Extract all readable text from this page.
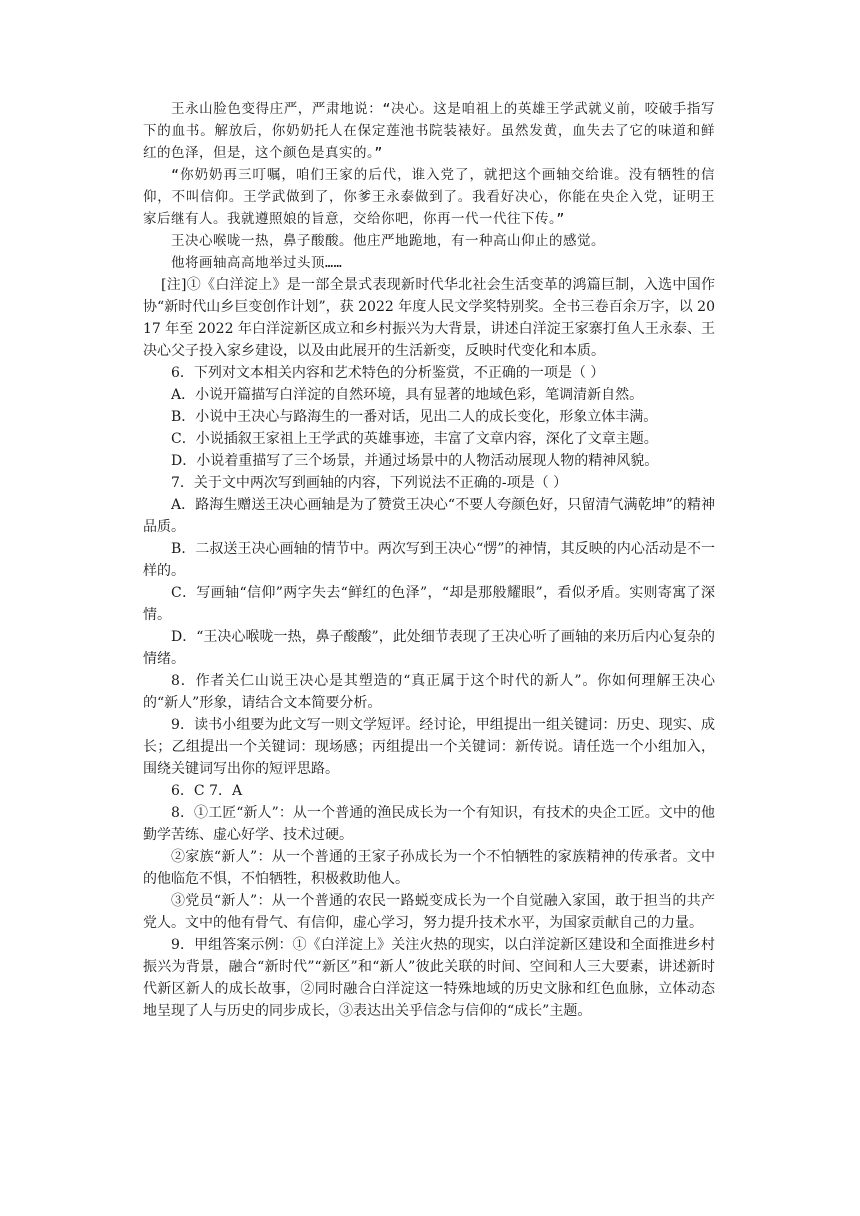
王永山脸色变得庄严，严肃地说：“决心。这是咱祖上的英雄王学武就义前，咬破手指写下的血书。解放后，你奶奶托人在保定莲池书院装裱好。虽然发黄，血失去了它的味道和鲜红的色泽，但是，这个颜色是真实的。”

“你奶奶再三叮嘱，咱们王家的后代，谁入党了，就把这个画轴交给谁。没有牺牲的信仰，不叫信仰。王学武做到了，你爹王永泰做到了。我看好决心，你能在央企入党，证明王家后继有人。我就遵照娘的旨意，交给你吧，你再一代一代往下传。”

王决心喉咙一热，鼻子酸酸。他庄严地跪地，有一种高山仰止的感觉。

他将画轴高高地举过头顶……

[注]①《白洋淀上》是一部全景式表现新时代华北社会生活变革的鸿篇巨制，入选中国作协“新时代山乡巨变创作计划”，获 2022 年度人民文学奖特别奖。全书三卷百余万字，以 2017 年至 2022 年白洋淀新区成立和乡村振兴为大背景，讲述白洋淀王家寨打鱼人王永泰、王决心父子投入家乡建设，以及由此展开的生活新变，反映时代变化和本质。

6．下列对文本相关内容和艺术特色的分析鉴赏，不正确的一项是（ ）

A．小说开篇描写白洋淀的自然环境，具有显著的地域色彩，笔调清新自然。

B．小说中王决心与路海生的一番对话，见出二人的成长变化，形象立体丰满。

C．小说插叙王家祖上王学武的英雄事迹，丰富了文章内容，深化了文章主题。

D．小说着重描写了三个场景，并通过场景中的人物活动展现人物的精神风貌。

7．关于文中两次写到画轴的内容，下列说法不正确的-项是（ ）

A．路海生赠送王决心画轴是为了赞赏王决心“不要人夸颜色好，只留清气满乾坤”的精神品质。

B．二叔送王决心画轴的情节中。两次写到王决心“愣”的神情，其反映的内心活动是不一样的。

C．写画轴“信仰”两字失去“鲜红的色泽”，“却是那般耀眼”，看似矛盾。实则寄寓了深情。

D．“王决心喉咙一热，鼻子酸酸”，此处细节表现了王决心听了画轴的来历后内心复杂的情绪。

8．作者关仁山说王决心是其塑造的“真正属于这个时代的新人”。你如何理解王决心的“新人”形象，请结合文本简要分析。

9．读书小组要为此文写一则文学短评。经讨论，甲组提出一组关键词：历史、现实、成长；乙组提出一个关键词：现场感；丙组提出一个关键词：新传说。请任选一个小组加入，围绕关键词写出你的短评思路。

6．C 7．A

8．①工匠“新人”：从一个普通的渔民成长为一个有知识，有技术的央企工匠。文中的他勤学苦练、虚心好学、技术过硬。

②家族“新人”：从一个普通的王家子孙成长为一个不怕牺牲的家族精神的传承者。文中的他临危不惧，不怕牺牲，积极救助他人。

③党员“新人”：从一个普通的农民一路蜕变成长为一个自觉融入家国，敢于担当的共产党人。文中的他有骨气、有信仰，虚心学习，努力提升技术水平，为国家贡献自己的力量。

9．甲组答案示例：①《白洋淀上》关注火热的现实，以白洋淀新区建设和全面推进乡村振兴为背景，融合“新时代”“新区”和“新人”彼此关联的时间、空间和人三大要素，讲述新时代新区新人的成长故事，②同时融合白洋淀这一特殊地域的历史文脉和红色血脉，立体动态地呈现了人与历史的同步成长，③表达出关乎信念与信仰的“成长”主题。
